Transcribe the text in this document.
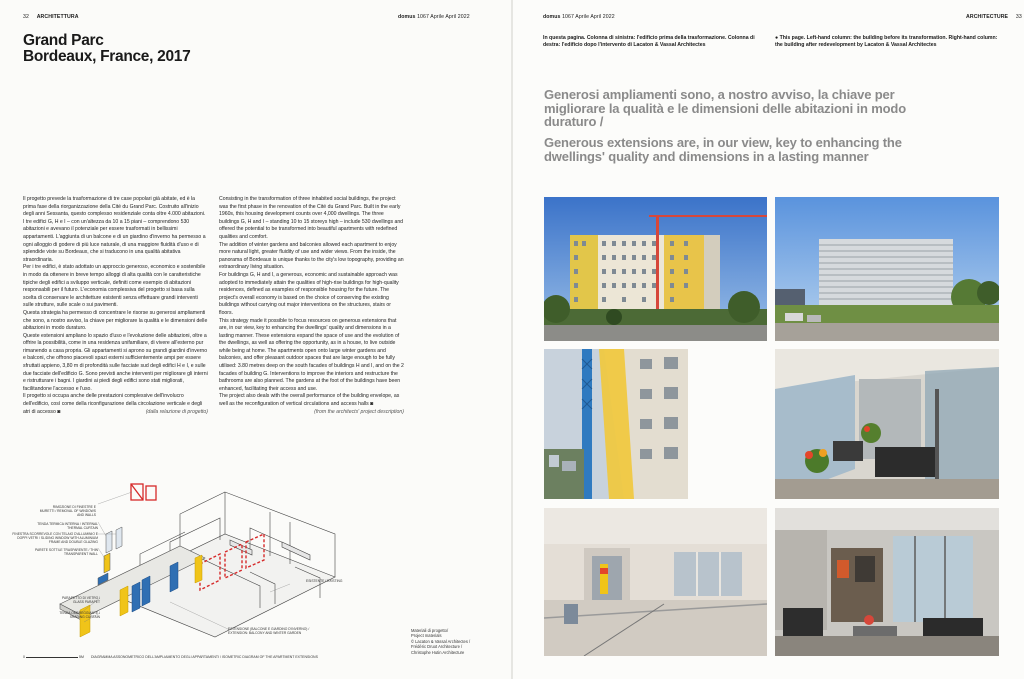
32 ARCHITETTURA	domus 1067 Aprile April 2022
Grand Parc
Bordeaux, France, 2017

Il progetto prevede la trasformazione di tre case popolari già abitate, ed è la prima fase della riorganizzazione della Cité du Grand Parc. Costruito all'inizio degli anni Sessanta, questo complesso residenziale conta oltre 4.000 abitazioni. I tre edifici G, H e I – con un'altezza da 10 a 15 piani – comprendono 530 abitazioni e avevano il potenziale per essere trasformati in bellissimi appartamenti. L'aggiunta di un balcone e di un giardino d'inverno ha permesso a ogni alloggio di godere di più luce naturale, di una maggiore fluidità d'uso e di splendide viste su Bordeaux, che si traducono in una qualità abitativa straordinaria.

Per i tre edifici, è stato adottato un approccio generoso, economico e sostenibile in modo da ottenere in breve tempo alloggi di alta qualità con le caratteristiche tipiche degli edifici a sviluppo verticale, definiti come esempio di abitazioni responsabili per il futuro. L'economia complessiva del progetto si basa sulla scelta di conservare le architetture esistenti senza effettuare grandi interventi sulle strutture, sulle scale o sui pavimenti.

Questa strategia ha permesso di concentrare le risorse su generosi ampliamenti che sono, a nostro avviso, la chiave per migliorare la qualità e le dimensioni delle abitazioni in modo duraturo.

Queste estensioni ampliano lo spazio d'uso e l'evoluzione delle abitazioni, oltre a offrire la possibilità, come in una residenza unifamiliare, di vivere all'esterno pur rimanendo a casa propria. Gli appartamenti si aprono su grandi giardini d'inverno e balconi, che offrono piacevoli spazi esterni sufficientemente ampi per essere sfruttati appieno, 3,80 m di profondità sulle facciate sud degli edifici H e I, e sulle due facciate dell'edificio G. Sono previsti anche interventi per migliorare gli interni e ristrutturare i bagni. I giardini ai piedi degli edifici sono stati migliorati, facilitandone l'accesso e l'uso.

Il progetto si occupa anche delle prestazioni complessive dell'involucro dell'edificio, così come della riconfigurazione della circolazione verticale e degli atri di accesso ◙	(dalla relazione di progetto)

Consisting in the transformation of three inhabited social buildings, the project was the first phase in the renovation of the Cité du Grand Parc. Built in the early 1960s, this housing development counts over 4,000 dwellings. The three buildings G, H and I – standing 10 to 15 storeys high – include 530 dwellings and offered the potential to be transformed into beautiful apartments with redefined qualities and comfort.

The addition of winter gardens and balconies allowed each apartment to enjoy more natural light, greater fluidity of use and wider views. From the inside, the panorama of Bordeaux is unique thanks to the city's low topography, providing an extraordinary living situation.

For buildings G, H and I, a generous, economic and sustainable approach was adopted to immediately attain the qualities of high-rise buildings for high-quality residences, defined as examples of responsible housing for the future. The project's overall economy is based on the choice of conserving the existing buildings without carrying out major interventions on the structures, stairs or floors.

This strategy made it possible to focus resources on generous extensions that are, in our view, key to enhancing the dwellings' quality and dimensions in a lasting manner. These extensions expand the space of use and the evolution of the dwellings, as well as offering the opportunity, as in a house, to live outside while being at home. The apartments open onto large winter gardens and balconies, and offer pleasant outdoor spaces that are large enough to be fully utilised: 3.80 metres deep on the south facades of buildings H and I, and on the 2 facades of building G. Interventions to improve the interiors and restructure the bathrooms are also planned. The gardens at the foot of the buildings have been enhanced, facilitating their access and use.

The project also deals with the overall performance of the building envelope, as well as the reconfiguration of vertical circulations and access halls ◙
(from the architects' project description)

RIMOZIONE DI FINESTRE E MURETTI / REMOVAL OF WINDOWS AND WALLS
TENDA TERMICA INTERNA / INTERNAL THERMAL CURTAIN
FINESTRA SCORREVOLE CON TELAIO D'ALLUMINIO E DOPPI VETRI / SLIDING WINDOW WITH ALUMINIUM FRAME AND DOUBLE GLAZING
PARETE SOTTILE TRASPARENTE / THIN TRANSPARENT WALL
PARAPETTO DI VETRO / GLASS PARAPET
TENDA OMBREGGIANTE / SHADING CURTAIN
ESISTENTE / EXISTING
ESTENSIONE (BALCONE E GIARDINO D'INVERNO) / EXTENSION: BALCONY AND WINTER GARDEN
0	5M DIAGRAMMA ASSONOMETRICO DELL'AMPLIAMENTO DEGLI APPARTAMENTI / ISOMETRIC DIAGRAM OF THE APARTMENT EXTENSIONS
Materiali di progetto/
Project materials
© Lacaton & Vassal Architectes /
Frédéric Druot Architecture /
Christophe Hutin Architecture
domus 1067 Aprile April 2022	ARCHITECTURE 33
In questa pagina. Colonna di sinistra: l'edificio prima della trasformazione. Colonna di destra: l'edificio dopo l'intervento di Lacaton & Vassal Architectes
● This page. Left-hand column: the building before its transformation. Right-hand column: the building after redevelopment by Lacaton & Vassal Architectes
Generosi ampliamenti sono, a nostro avviso, la chiave per migliorare la qualità e le dimensioni delle abitazioni in modo duraturo /
Generous extensions are, in our view, key to enhancing the dwellings' quality and dimensions in a lasting manner
